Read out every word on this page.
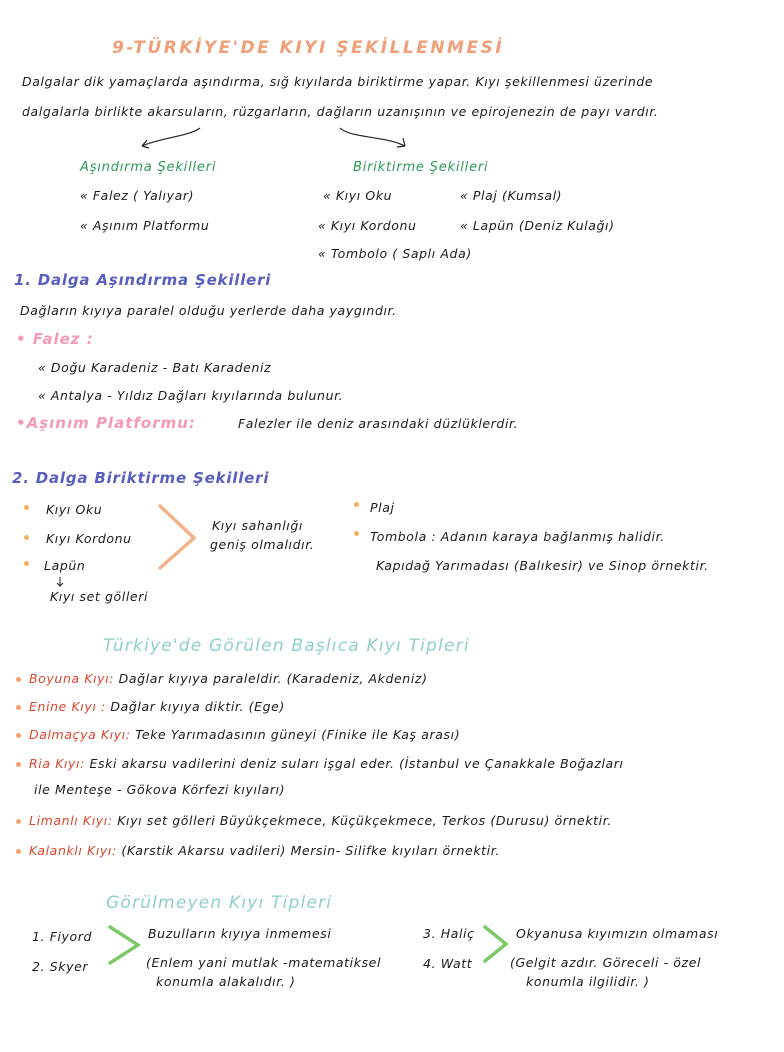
9-TÜRKİYE'DE KIYI ŞEKİLLENMESİ
Dalgalar dik yamaçlarda aşındırma, sığ kıyılarda biriktirme yapar. Kıyı şekillenmesi üzerinde
dalgalarla birlikte akarsuların, rüzgarların, dağların uzanışının ve epirojenezin de payı vardır.
Aşındırma Şekilleri
« Falez ( Yalıyar)
« Aşınım Platformu
Biriktirme Şekilleri
« Kıyı Oku
« Kıyı Kordonu
« Tombolo ( Saplı Ada)
« Plaj (Kumsal)
« Lapün (Deniz Kulağı)
1. Dalga Aşındırma Şekilleri
Dağların kıyıya paralel olduğu yerlerde daha yaygındır.
• Falez :
« Doğu Karadeniz - Batı Karadeniz
« Antalya - Yıldız Dağları kıyılarında bulunur.
•Aşınım Platformu:	Falezler ile deniz arasındaki düzlüklerdir.
2. Dalga Biriktirme Şekilleri
Kıyı Oku
Kıyı Kordonu
Lapün
Kıyı set gölleri
Kıyı sahanlığı
geniş olmalıdır.
Plaj
Tombola : Adanın karaya bağlanmış halidir.
Kapıdağ Yarımadası (Balıkesir) ve Sinop örnektir.
Türkiye'de Görülen Başlıca Kıyı Tipleri
Boyuna Kıyı: Dağlar kıyıya paraleldir. (Karadeniz, Akdeniz)
Enine Kıyı : Dağlar kıyıya diktir. (Ege)
Dalmaçya Kıyı: Teke Yarımadasının güneyi (Finike ile Kaş arası)
Ria Kıyı: Eski akarsu vadilerini deniz suları işgal eder. (İstanbul ve Çanakkale Boğazları
ile Menteşe - Gökova Körfezi kıyıları)
Limanlı Kıyı: Kıyı set gölleri Büyükçekmece, Küçükçekmece, Terkos (Durusu) örnektir.
Kalanklı Kıyı: (Karstik Akarsu vadileri) Mersin- Silifke kıyıları örnektir.
Görülmeyen Kıyı Tipleri
1. Fiyord
2. Skyer
Buzulların kıyıya inmemesi
(Enlem yani mutlak -matematiksel
konumla alakalıdır. )
3. Haliç
4. Watt
Okyanusa kıyımızın olmaması
(Gelgit azdır. Göreceli - özel
konumla ilgilidir. )
